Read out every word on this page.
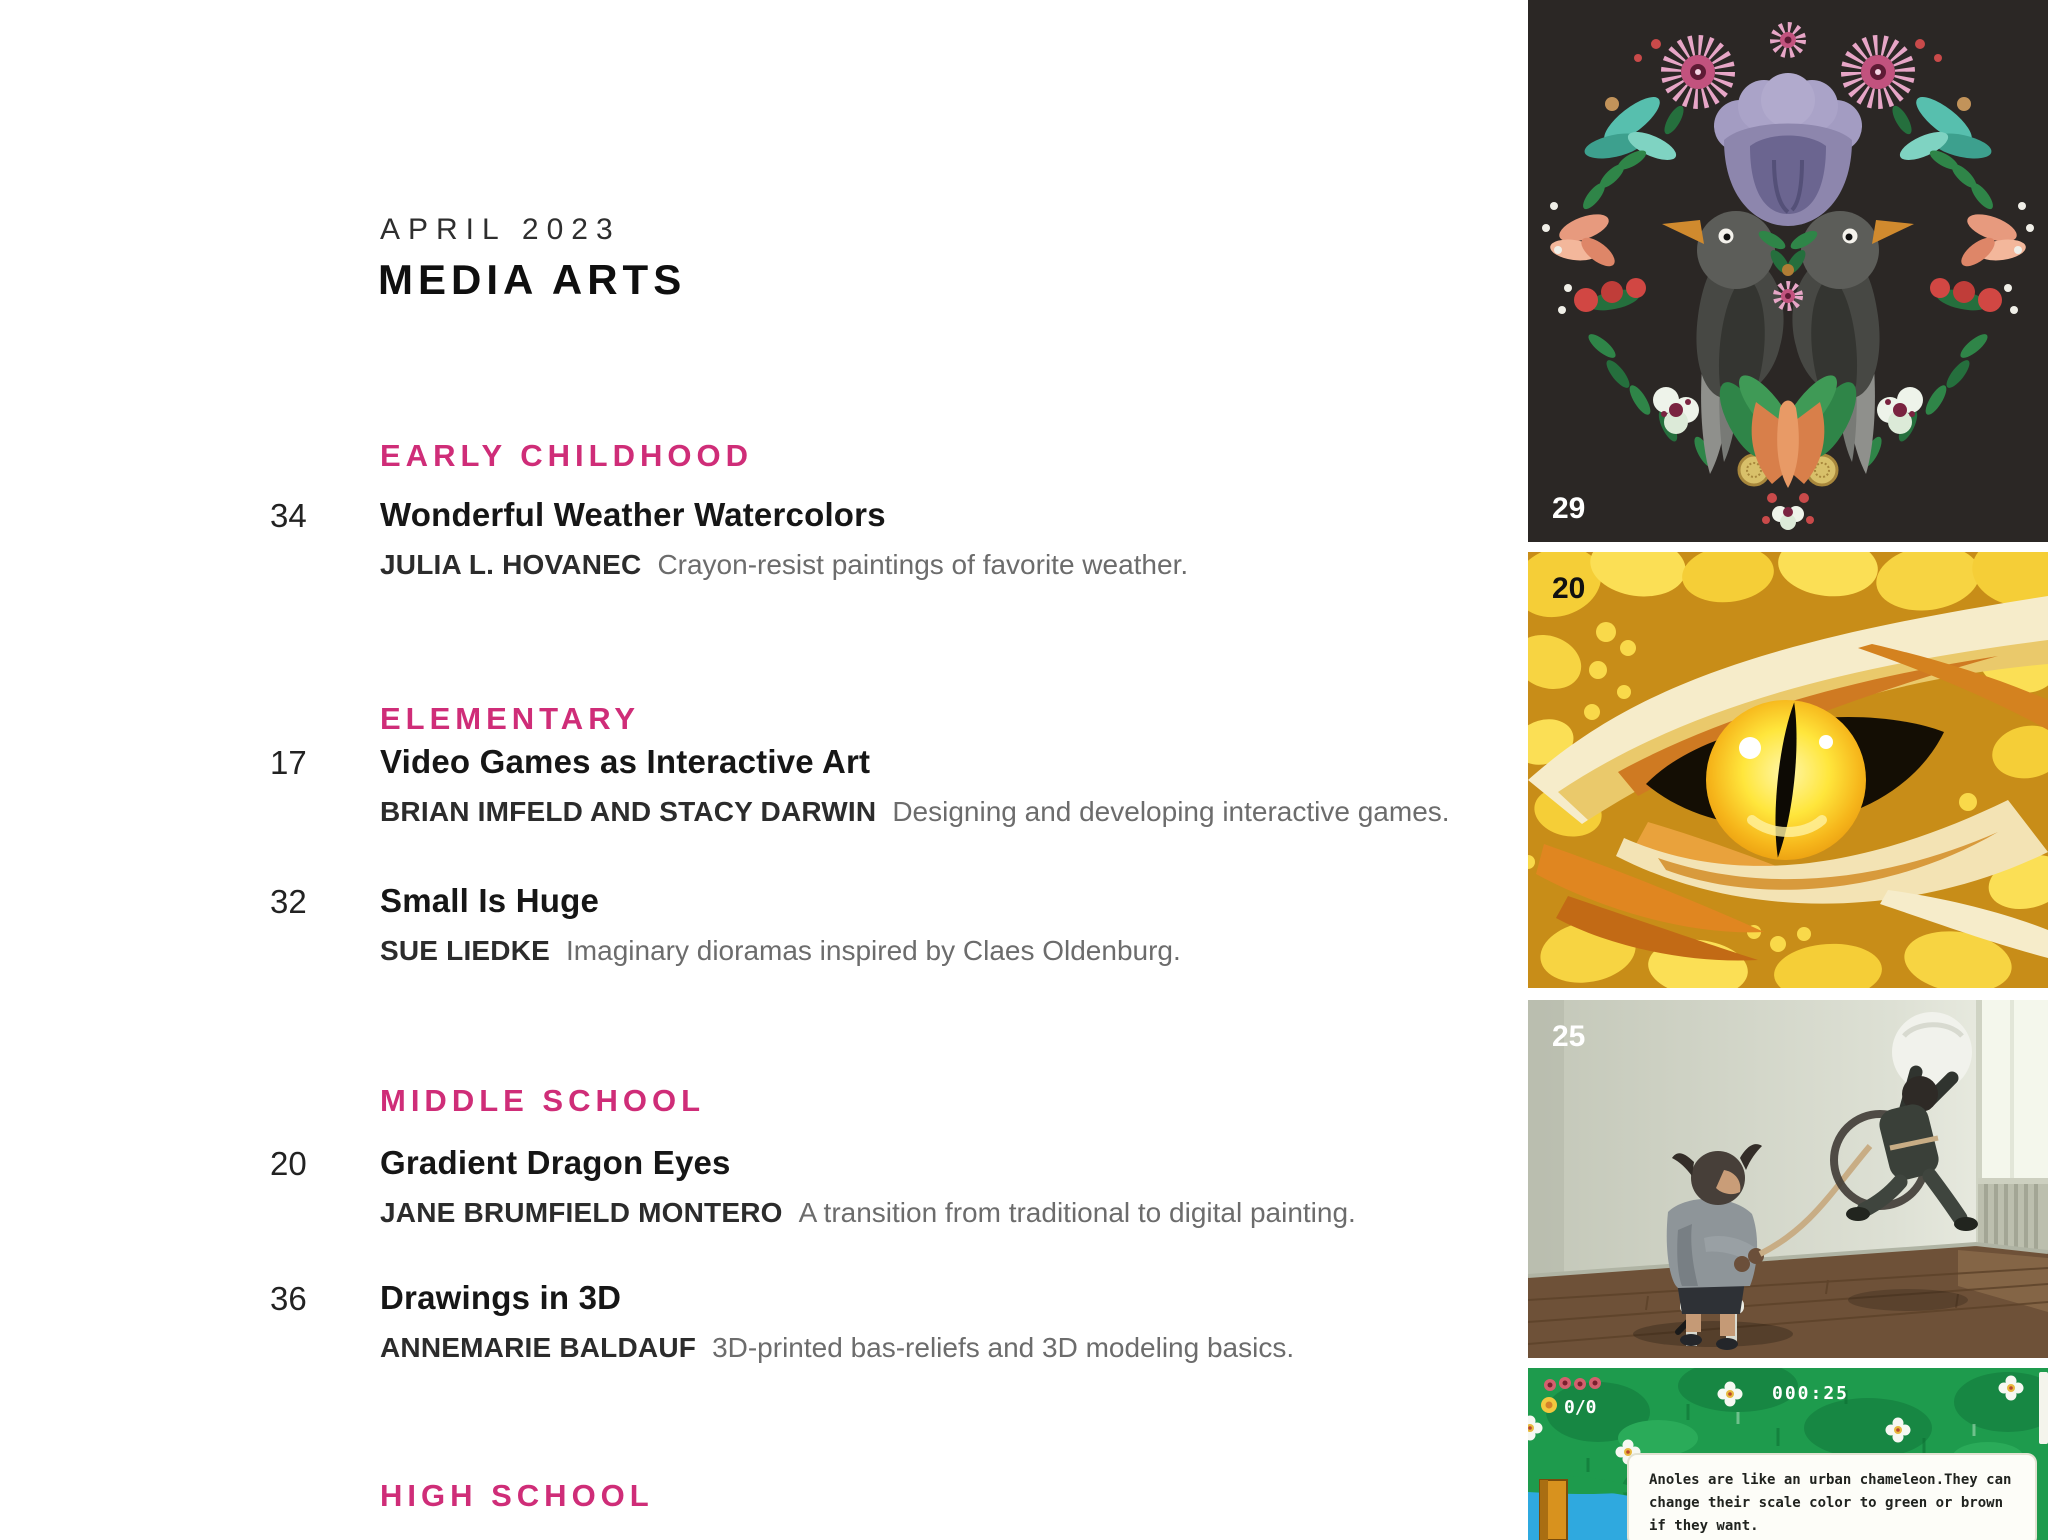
APRIL 2023
MEDIA ARTS
EARLY CHILDHOOD
34	Wonderful Weather Watercolors
JULIA L. HOVANEC Crayon-resist paintings of favorite weather.
ELEMENTARY
17	Video Games as Interactive Art
BRIAN IMFELD AND STACY DARWIN Designing and developing interactive games.
32	Small Is Huge
SUE LIEDKE Imaginary dioramas inspired by Claes Oldenburg.
MIDDLE SCHOOL
20	Gradient Dragon Eyes
JANE BRUMFIELD MONTERO A transition from traditional to digital painting.
36	Drawings in 3D
ANNEMARIE BALDAUF 3D-printed bas-reliefs and 3D modeling basics.
HIGH SCHOOL
29
20
25
0/0
000:25
Anoles are like an urban chameleon.They can
change their scale color to green or brown
if they want.
